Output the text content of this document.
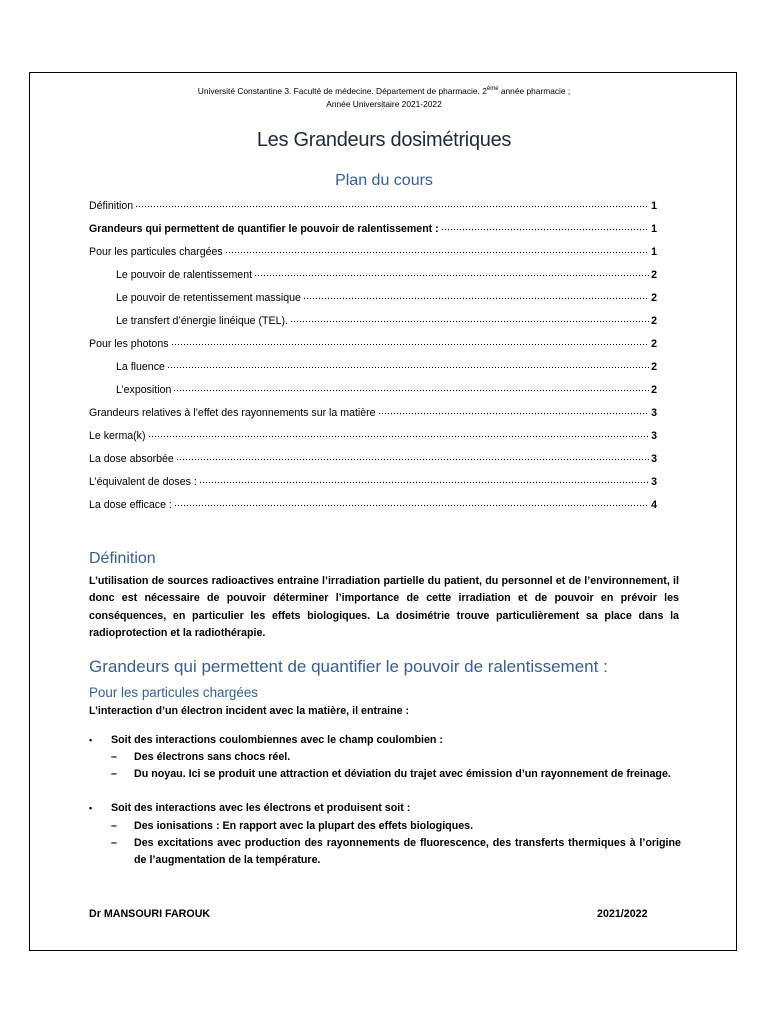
Université Constantine 3. Faculté de médecine. Département de pharmacie. 2ème année pharmacie ;
Année Universitaire 2021-2022
Les Grandeurs dosimétriques
Plan du cours
Définition	1
Grandeurs qui permettent de quantifier le pouvoir de ralentissement :	1
Pour les particules chargées	1
Le pouvoir de ralentissement	2
Le pouvoir de retentissement massique	2
Le transfert d’énergie linéique (TEL).	2
Pour les photons	2
La fluence	2
L’exposition	2
Grandeurs relatives à l’effet des rayonnements sur la matière	3
Le kerma(k)	3
La dose absorbée	3
L’équivalent de doses :	3
La dose efficace :	4
Définition
L’utilisation de sources radioactives entraine l’irradiation partielle du patient, du personnel et de l’environnement, il donc est nécessaire de pouvoir déterminer l’importance de cette irradiation et de pouvoir en prévoir les conséquences, en particulier les effets biologiques. La dosimétrie trouve particulièrement sa place dans la radioprotection et la radiothérapie.
Grandeurs qui permettent de quantifier le pouvoir de ralentissement :
Pour les particules chargées
L’interaction d’un électron incident avec la matière, il entraine :
• Soit des interactions coulombiennes avec le champ coulombien :
– Des électrons sans chocs réel.
– Du noyau. Ici se produit une attraction et déviation du trajet avec émission d’un rayonnement de freinage.
• Soit des interactions avec les électrons et produisent soit :
– Des ionisations : En rapport avec la plupart des effets biologiques.
– Des excitations avec production des rayonnements de fluorescence, des transferts thermiques à l’origine de l’augmentation de la température.
Dr MANSOURI FAROUK	2021/2022
